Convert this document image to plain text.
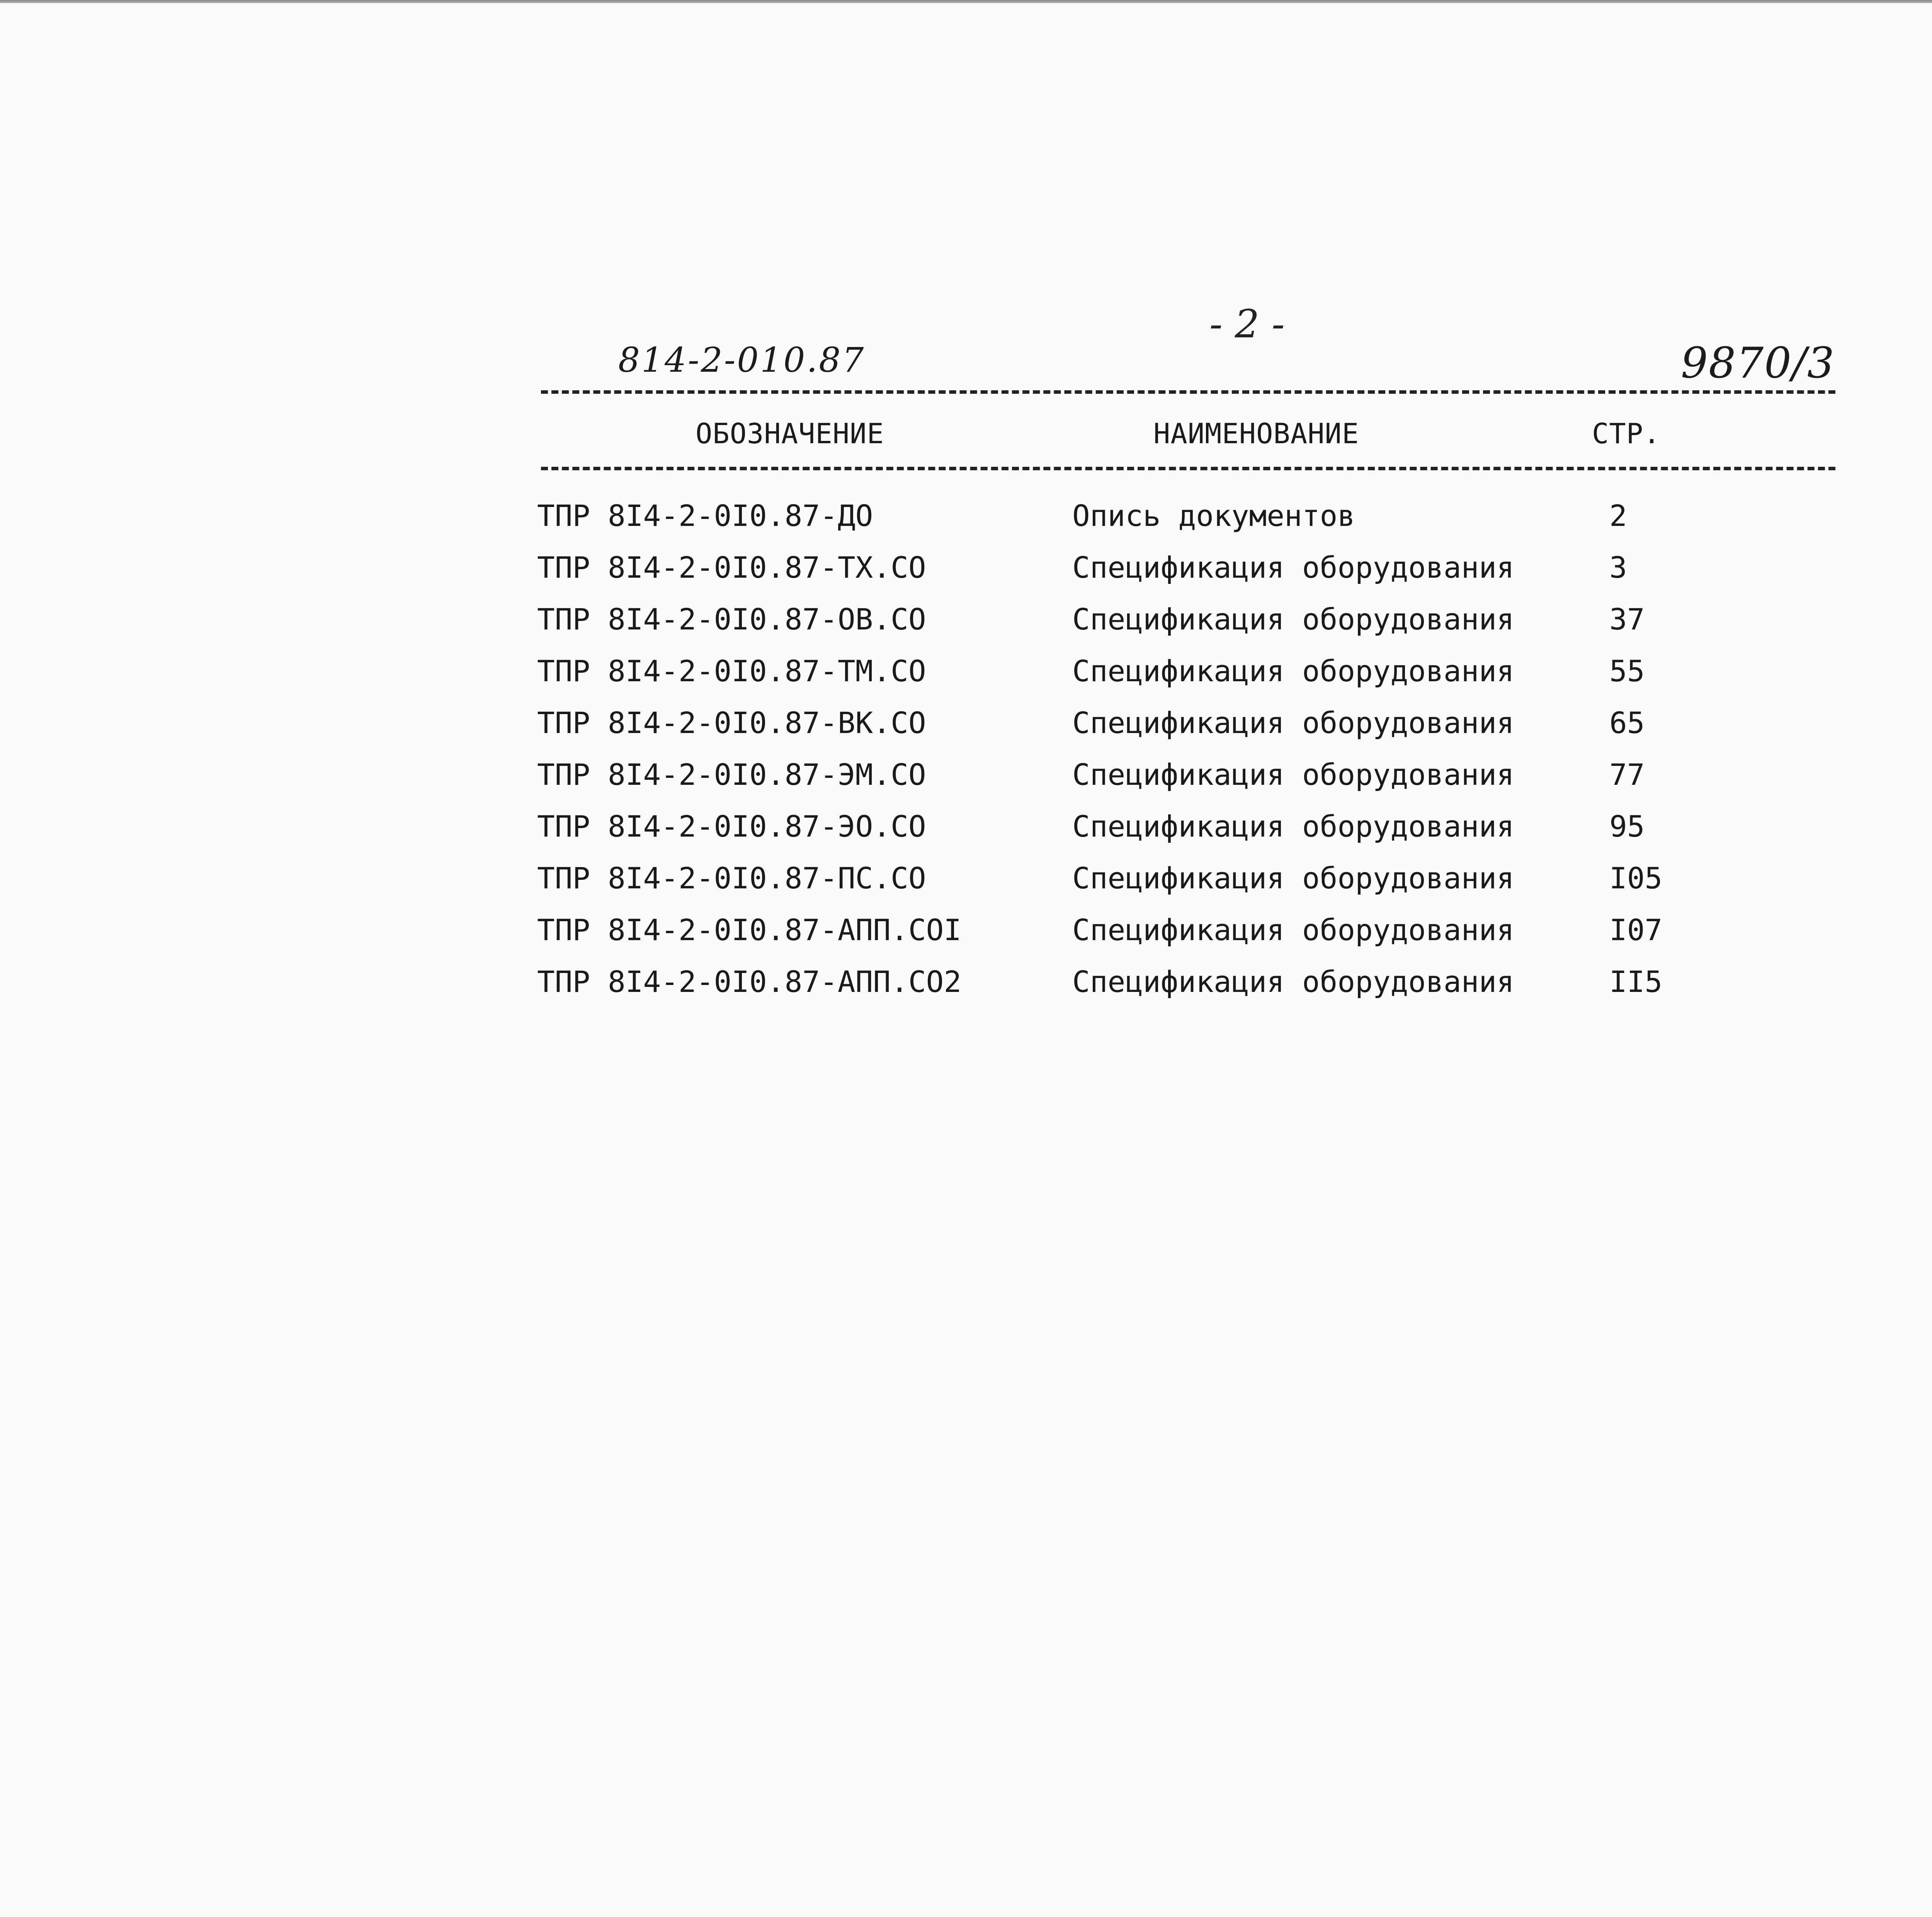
- 2 -
814-2-010.87	9870/3
ОБОЗНАЧЕНИЕ	НАИМЕНОВАНИЕ	СТР.
ТПР 8I4-2-0I0.87-ДО	Опись документов	2
ТПР 8I4-2-0I0.87-ТХ.СО	Спецификация оборудования	3
ТПР 8I4-2-0I0.87-ОВ.СО	Спецификация оборудования	37
ТПР 8I4-2-0I0.87-ТМ.СО	Спецификация оборудования	55
ТПР 8I4-2-0I0.87-ВК.СО	Спецификация оборудования	65
ТПР 8I4-2-0I0.87-ЭМ.СО	Спецификация оборудования	77
ТПР 8I4-2-0I0.87-ЭО.СО	Спецификация оборудования	95
ТПР 8I4-2-0I0.87-ПС.СО	Спецификация оборудования	I05
ТПР 8I4-2-0I0.87-АПП.СОI	Спецификация оборудования	I07
ТПР 8I4-2-0I0.87-АПП.СО2	Спецификация оборудования	II5
